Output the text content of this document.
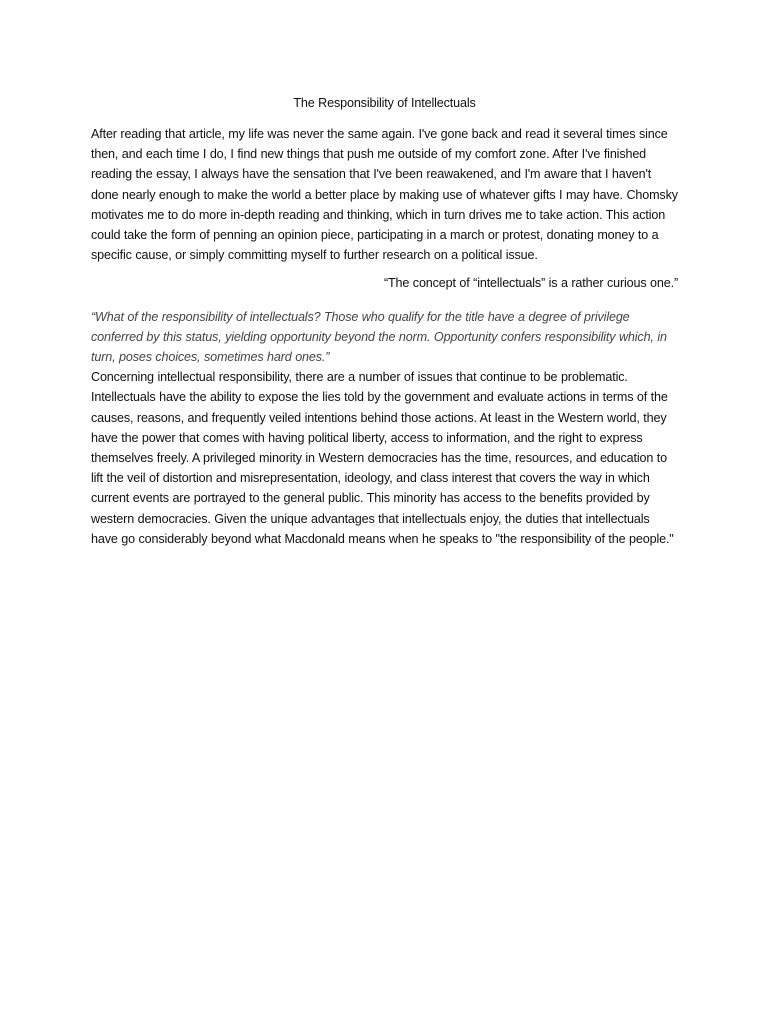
The Responsibility of Intellectuals

After reading that article, my life was never the same again. I've gone back and read it several times since then, and each time I do, I find new things that push me outside of my comfort zone. After I've finished reading the essay, I always have the sensation that I've been reawakened, and I'm aware that I haven't done nearly enough to make the world a better place by making use of whatever gifts I may have. Chomsky motivates me to do more in-depth reading and thinking, which in turn drives me to take action. This action could take the form of penning an opinion piece, participating in a march or protest, donating money to a specific cause, or simply committing myself to further research on a political issue.

“The concept of “intellectuals” is a rather curious one.”

“What of the responsibility of intellectuals? Those who qualify for the title have a degree of privilege conferred by this status, yielding opportunity beyond the norm. Opportunity confers responsibility which, in turn, poses choices, sometimes hard ones.”

Concerning intellectual responsibility, there are a number of issues that continue to be problematic. Intellectuals have the ability to expose the lies told by the government and evaluate actions in terms of the causes, reasons, and frequently veiled intentions behind those actions. At least in the Western world, they have the power that comes with having political liberty, access to information, and the right to express themselves freely. A privileged minority in Western democracies has the time, resources, and education to lift the veil of distortion and misrepresentation, ideology, and class interest that covers the way in which current events are portrayed to the general public. This minority has access to the benefits provided by western democracies. Given the unique advantages that intellectuals enjoy, the duties that intellectuals have go considerably beyond what Macdonald means when he speaks to "the responsibility of the people."
